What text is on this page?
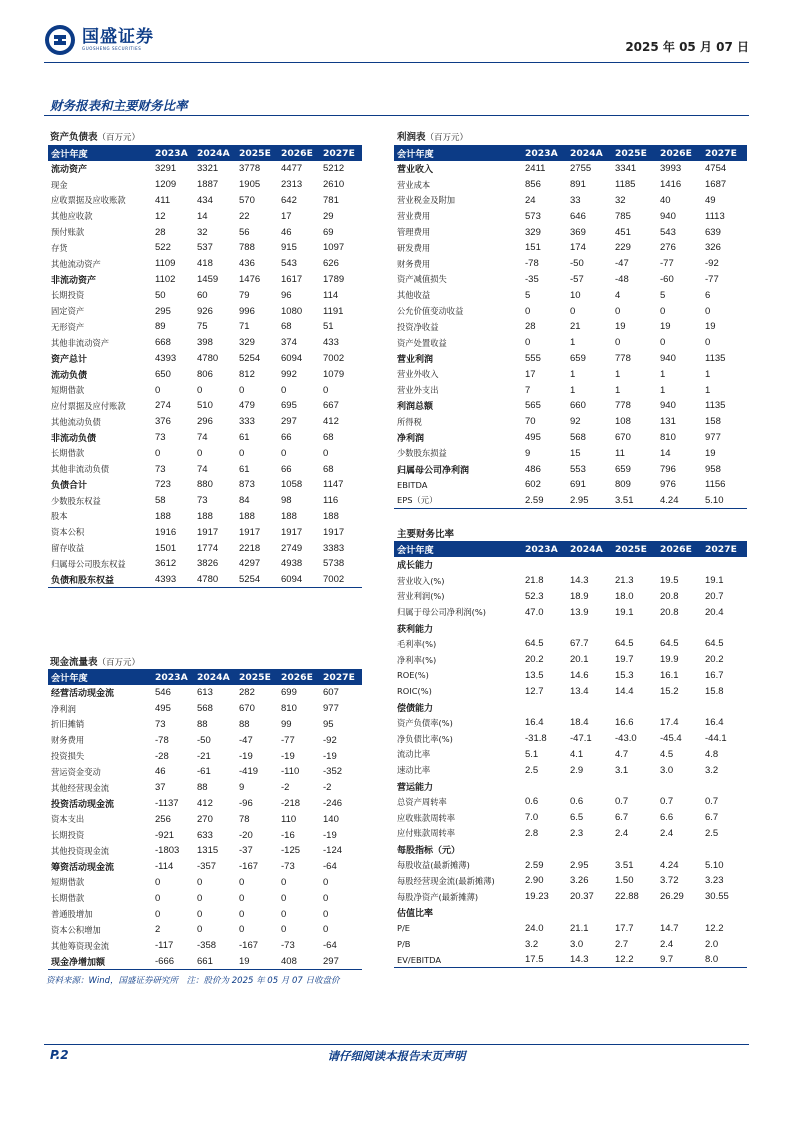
国盛证券
GUOSHENG SECURITIES	2025 年 05 月 07 日
财务报表和主要财务比率
资产负债表（百万元）
会计年度	2023A	2024A	2025E	2026E	2027E
流动资产	3291	3321	3778	4477	5212
现金	1209	1887	1905	2313	2610
应收票据及应收账款	411	434	570	642	781
其他应收款	12	14	22	17	29
预付账款	28	32	56	46	69
存货	522	537	788	915	1097
其他流动资产	1109	418	436	543	626
非流动资产	1102	1459	1476	1617	1789
长期投资	50	60	79	96	114
固定资产	295	926	996	1080	1191
无形资产	89	75	71	68	51
其他非流动资产	668	398	329	374	433
资产总计	4393	4780	5254	6094	7002
流动负债	650	806	812	992	1079
短期借款	0	0	0	0	0
应付票据及应付账款	274	510	479	695	667
其他流动负债	376	296	333	297	412
非流动负债	73	74	61	66	68
长期借款	0	0	0	0	0
其他非流动负债	73	74	61	66	68
负债合计	723	880	873	1058	1147
少数股东权益	58	73	84	98	116
股本	188	188	188	188	188
资本公积	1916	1917	1917	1917	1917
留存收益	1501	1774	2218	2749	3383
归属母公司股东权益	3612	3826	4297	4938	5738
负债和股东权益	4393	4780	5254	6094	7002
利润表（百万元）
会计年度	2023A	2024A	2025E	2026E	2027E
营业收入	2411	2755	3341	3993	4754
营业成本	856	891	1185	1416	1687
营业税金及附加	24	33	32	40	49
营业费用	573	646	785	940	1113
管理费用	329	369	451	543	639
研发费用	151	174	229	276	326
财务费用	-78	-50	-47	-77	-92
资产减值损失	-35	-57	-48	-60	-77
其他收益	5	10	4	5	6
公允价值变动收益	0	0	0	0	0
投资净收益	28	21	19	19	19
资产处置收益	0	1	0	0	0
营业利润	555	659	778	940	1135
营业外收入	17	1	1	1	1
营业外支出	7	1	1	1	1
利润总额	565	660	778	940	1135
所得税	70	92	108	131	158
净利润	495	568	670	810	977
少数股东损益	9	15	11	14	19
归属母公司净利润	486	553	659	796	958
EBITDA	602	691	809	976	1156
EPS（元）	2.59	2.95	3.51	4.24	5.10
主要财务比率
会计年度	2023A	2024A	2025E	2026E	2027E
成长能力					
营业收入(%)	21.8	14.3	21.3	19.5	19.1
营业利润(%)	52.3	18.9	18.0	20.8	20.7
归属于母公司净利润(%)	47.0	13.9	19.1	20.8	20.4
获利能力					
毛利率(%)	64.5	67.7	64.5	64.5	64.5
净利率(%)	20.2	20.1	19.7	19.9	20.2
ROE(%)	13.5	14.6	15.3	16.1	16.7
ROIC(%)	12.7	13.4	14.4	15.2	15.8
偿债能力					
资产负债率(%)	16.4	18.4	16.6	17.4	16.4
净负债比率(%)	-31.8	-47.1	-43.0	-45.4	-44.1
流动比率	5.1	4.1	4.7	4.5	4.8
速动比率	2.5	2.9	3.1	3.0	3.2
营运能力					
总资产周转率	0.6	0.6	0.7	0.7	0.7
应收账款周转率	7.0	6.5	6.7	6.6	6.7
应付账款周转率	2.8	2.3	2.4	2.4	2.5
每股指标（元）					
每股收益(最新摊薄)	2.59	2.95	3.51	4.24	5.10
每股经营现金流(最新摊薄)	2.90	3.26	1.50	3.72	3.23
每股净资产(最新摊薄)	19.23	20.37	22.88	26.29	30.55
估值比率					
P/E	24.0	21.1	17.7	14.7	12.2
P/B	3.2	3.0	2.7	2.4	2.0
EV/EBITDA	17.5	14.3	12.2	9.7	8.0
现金流量表（百万元）
会计年度	2023A	2024A	2025E	2026E	2027E
经营活动现金流	546	613	282	699	607
净利润	495	568	670	810	977
折旧摊销	73	88	88	99	95
财务费用	-78	-50	-47	-77	-92
投资损失	-28	-21	-19	-19	-19
营运资金变动	46	-61	-419	-110	-352
其他经营现金流	37	88	9	-2	-2
投资活动现金流	-1137	412	-96	-218	-246
资本支出	256	270	78	110	140
长期投资	-921	633	-20	-16	-19
其他投资现金流	-1803	1315	-37	-125	-124
筹资活动现金流	-114	-357	-167	-73	-64
短期借款	0	0	0	0	0
长期借款	0	0	0	0	0
普通股增加	0	0	0	0	0
资本公积增加	2	0	0	0	0
其他筹资现金流	-117	-358	-167	-73	-64
现金净增加额	-666	661	19	408	297
资料来源：Wind，国盛证券研究所　注：股价为 2025 年 05 月 07 日收盘价
请仔细阅读本报告末页声明
P.2
